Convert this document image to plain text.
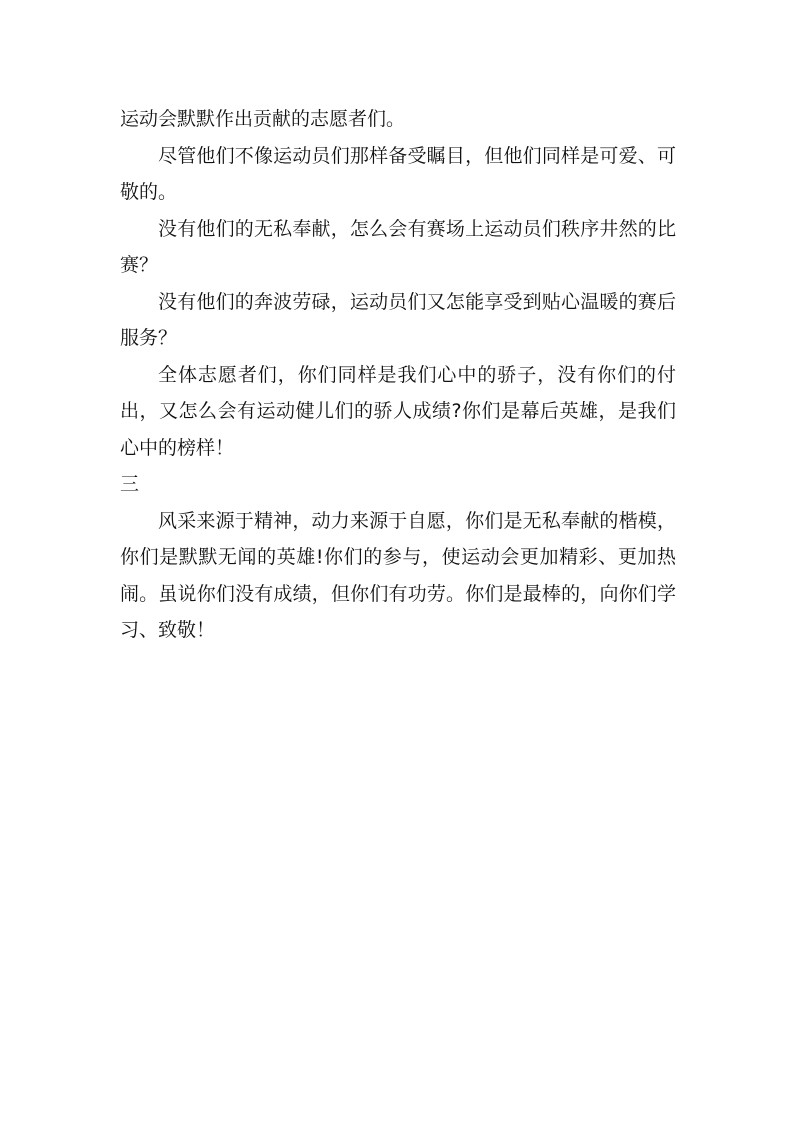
运动会默默作出贡献的志愿者们。

尽管他们不像运动员们那样备受瞩目，但他们同样是可爱、可敬的。

没有他们的无私奉献，怎么会有赛场上运动员们秩序井然的比赛？

没有他们的奔波劳碌，运动员们又怎能享受到贴心温暖的赛后服务？

全体志愿者们，你们同样是我们心中的骄子，没有你们的付出，又怎么会有运动健儿们的骄人成绩?你们是幕后英雄，是我们心中的榜样！

三

风采来源于精神，动力来源于自愿，你们是无私奉献的楷模，你们是默默无闻的英雄!你们的参与，使运动会更加精彩、更加热闹。虽说你们没有成绩，但你们有功劳。你们是最棒的，向你们学习、致敬！
